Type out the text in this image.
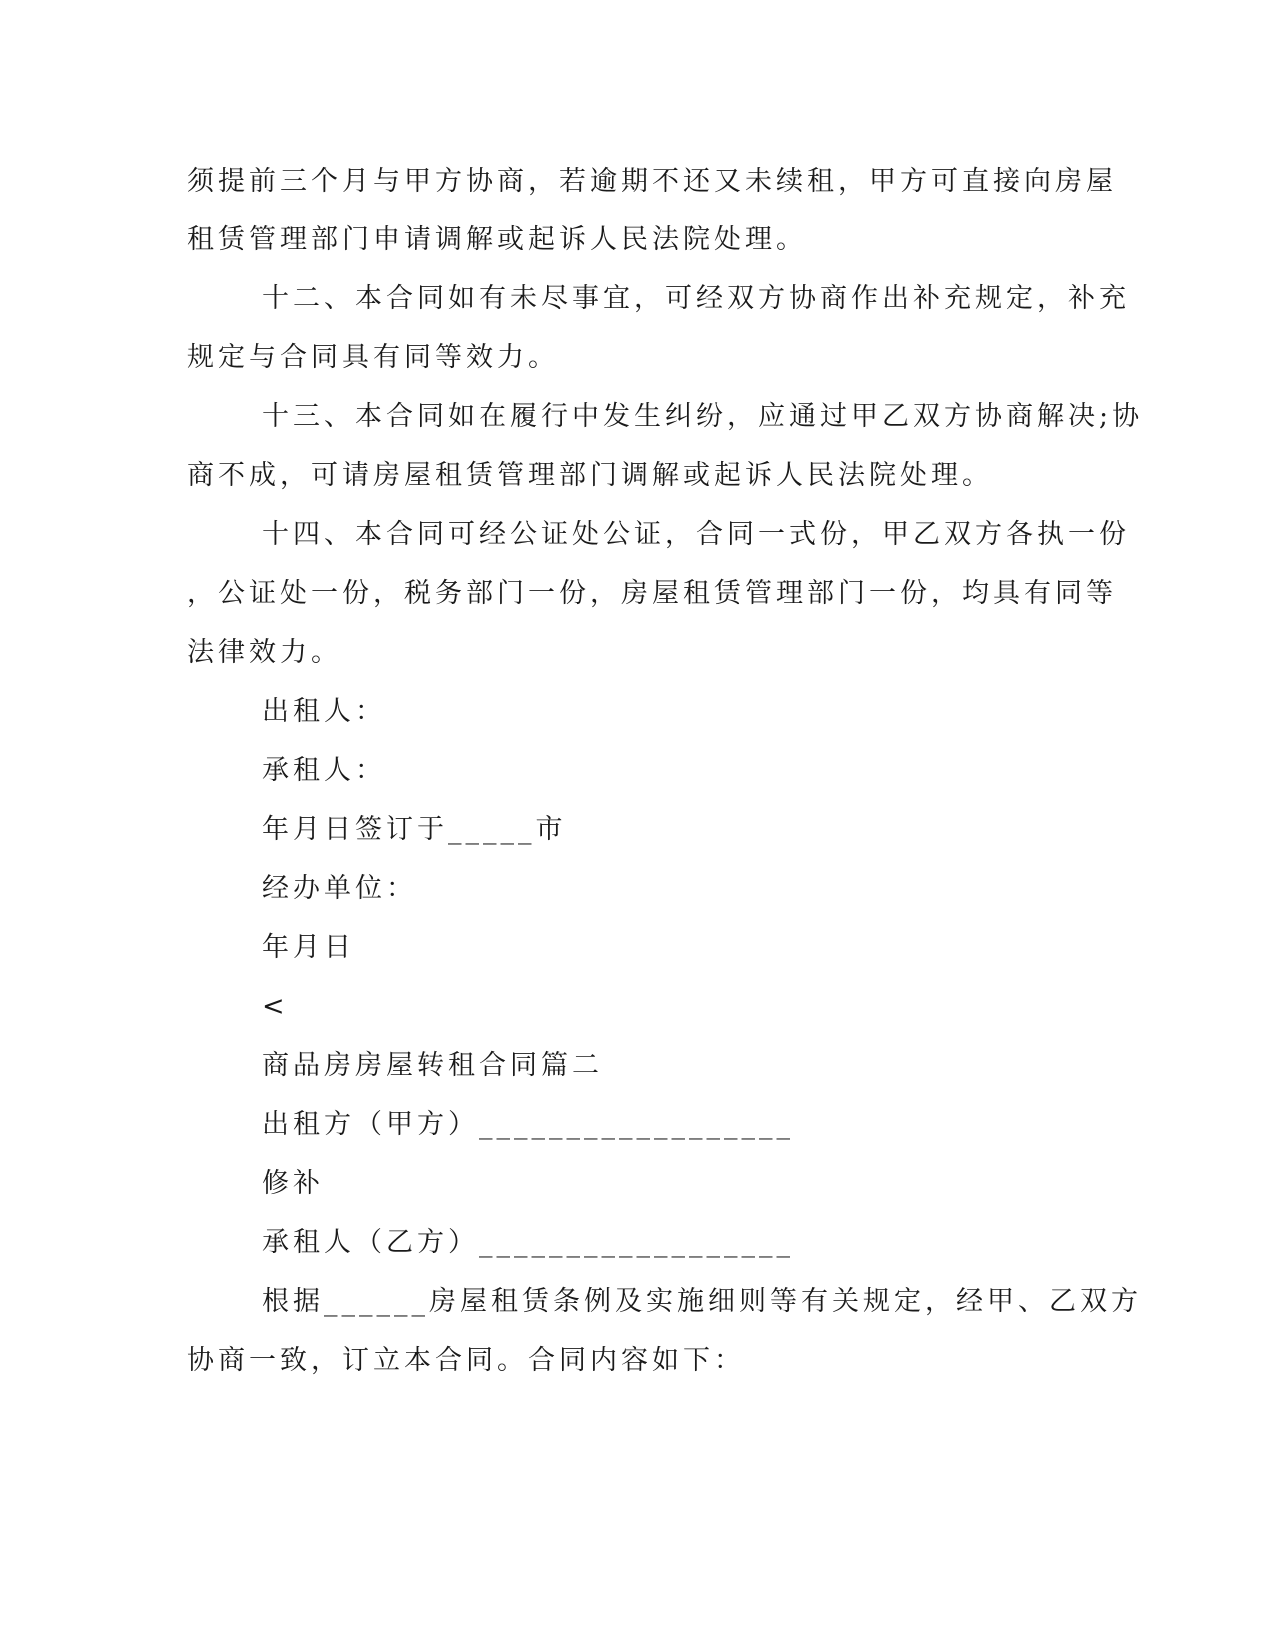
须提前三个月与甲方协商，若逾期不还又未续租，甲方可直接向房屋
租赁管理部门申请调解或起诉人民法院处理。
十二、本合同如有未尽事宜，可经双方协商作出补充规定，补充
规定与合同具有同等效力。
十三、本合同如在履行中发生纠纷，应通过甲乙双方协商解决;协
商不成，可请房屋租赁管理部门调解或起诉人民法院处理。
十四、本合同可经公证处公证，合同一式份，甲乙双方各执一份
，公证处一份，税务部门一份，房屋租赁管理部门一份，均具有同等
法律效力。
出租人：
承租人：
年月日签订于_____市
经办单位：
年月日
<
商品房房屋转租合同篇二
出租方（甲方）__________________
修补
承租人（乙方）__________________
根据______房屋租赁条例及实施细则等有关规定，经甲、乙双方
协商一致，订立本合同。合同内容如下：
